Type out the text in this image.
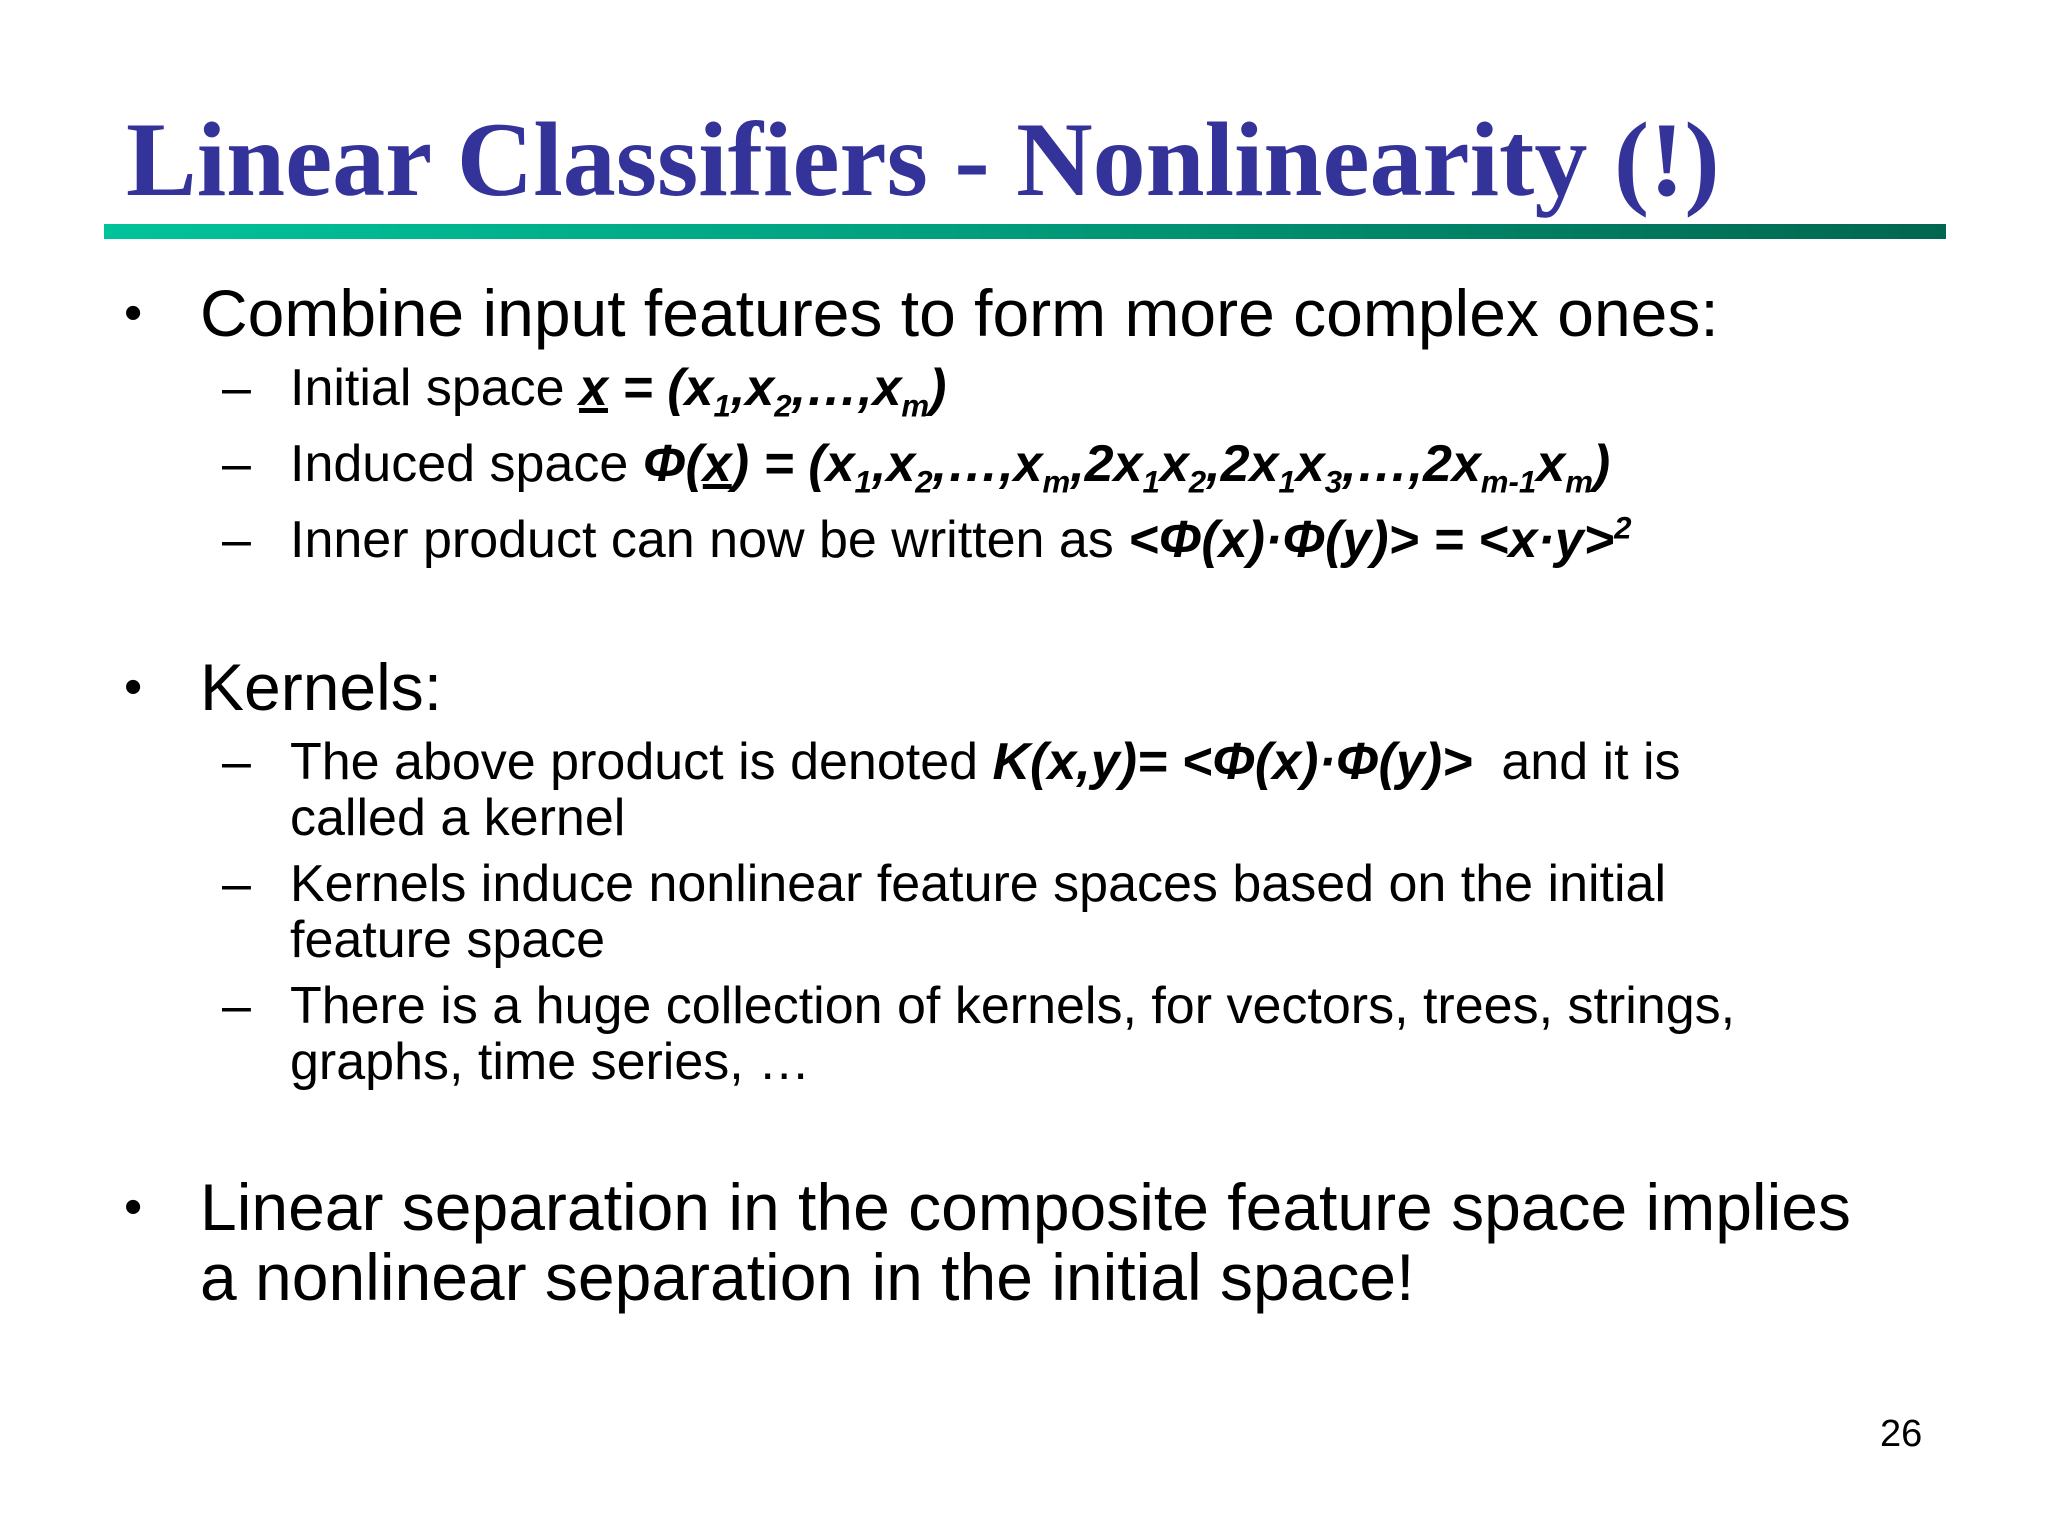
Linear Classifiers - Nonlinearity (!)
• Combine input features to form more complex ones:
– Initial space $x = (x_1,x_2,\dots,x_m)$
– Induced space $\Phi(x) = (x_1,x_2,\dots,x_m,2x_1x_2,2x_1x_3,\dots,2x_{m-1}x_m)$
– Inner product can now be written as <Φ(x)·Φ(y)> = <x·y>$^2$
• Kernels:
– The above product is denoted K(x,y)= <Φ(x)·Φ(y)>  and it is
called a kernel
– Kernels induce nonlinear feature spaces based on the initial
feature space
– There is a huge collection of kernels, for vectors, trees, strings,
graphs, time series, …
• Linear separation in the composite feature space implies
a nonlinear separation in the initial space!
26
